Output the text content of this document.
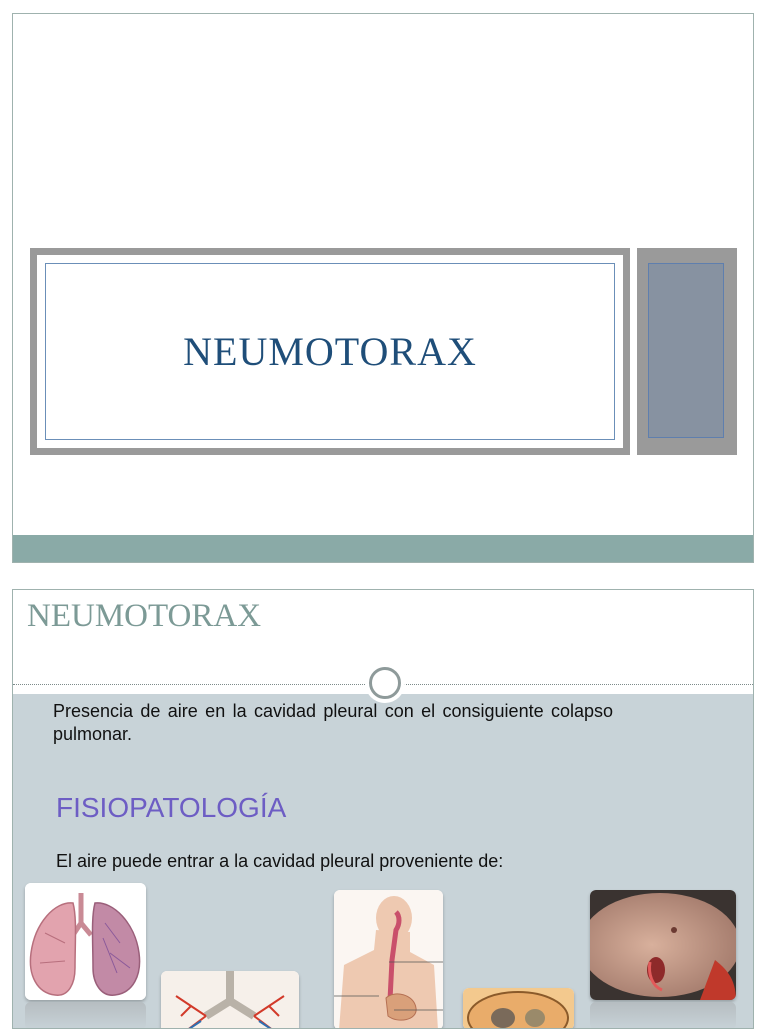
NEUMOTORAX
NEUMOTORAX
Presencia de aire en la cavidad pleural con el consiguiente colapso pulmonar.
FISIOPATOLOGÍA
El aire puede entrar a la cavidad pleural proveniente de:
